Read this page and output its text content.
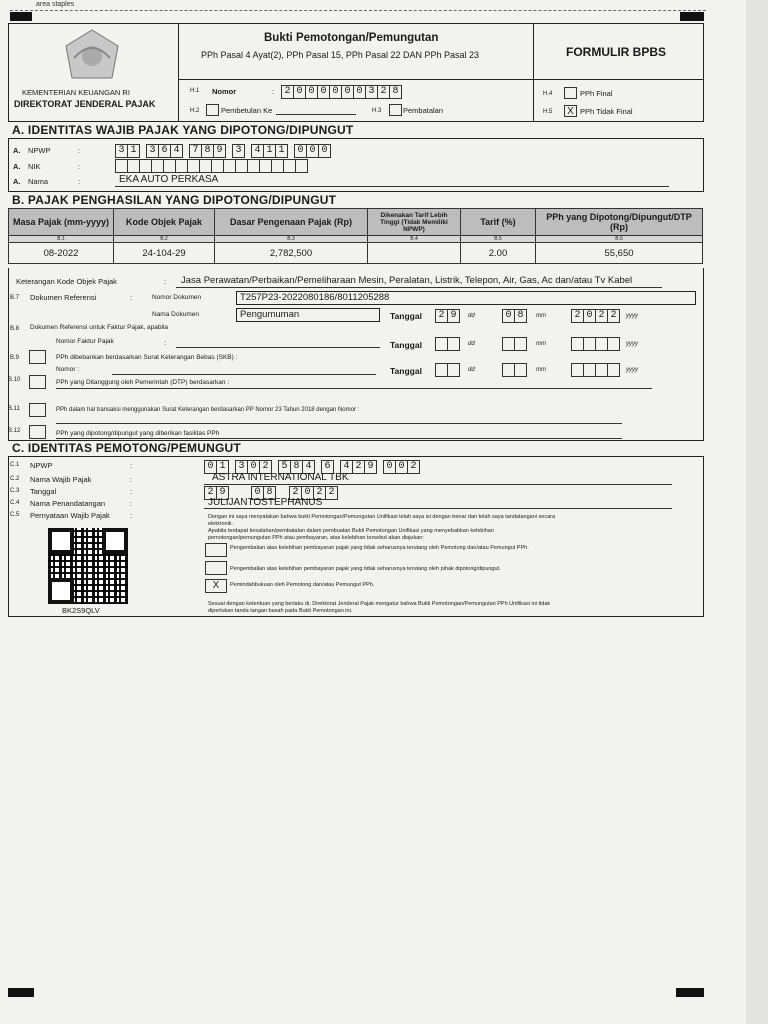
area staples
KEMENTERIAN KEUANGAN RI
DIREKTORAT JENDERAL PAJAK
Bukti Pemotongan/Pemungutan
PPh Pasal 4 Ayat(2), PPh Pasal 15, PPh Pasal 22 DAN PPh Pasal 23	FORMULIR BPBS
H.1 Nomor	:	2 0 0 0 0 0 0 3 2 8
H.2	Pembetulan Ke	H.3	Pembatalan
H.4	PPh Final
H.5	X PPh Tidak Final
A. IDENTITAS WAJIB PAJAK YANG DIPOTONG/DIPUNGUT
A. NPWP	:	3 1	3 6 4	7 8 9	3	4 1 1	0 0 0
A. NIK	:
A. Nama	:	EKA AUTO PERKASA
B. PAJAK PENGHASILAN YANG DIPOTONG/DIPUNGUT
Masa Pajak (mm-yyyy)	Kode Objek Pajak	Dasar Pengenaan Pajak (Rp)	Dikenakan Tarif Lebih Tinggi (Tidak Memiliki NPWP)	Tarif (%)	PPh yang Dipotong/Dipungut/DTP (Rp)
B.1	B.2	B.3	B.4	B.5	B.6
08-2022	24-104-29	2,782,500		2.00	55,650
Keterangan Kode Objek Pajak	: Jasa Perawatan/Perbaikan/Pemeliharaan Mesin, Peralatan, Listrik, Telepon, Air, Gas, Ac dan/atau Tv Kabel
B.7 Dokumen Referensi	:	Nomor Dokumen	T257P23-2022080186/8011205288
Nama Dokumen	Pengumuman	Tanggal	2 9	dd	0 8	mm	2 0 2 2	yyyy
B.8 Dokumen Referensi untuk Faktur Pajak, apabila
Nomor Faktur Pajak	:	Tanggal	dd	mm	yyyy
B.9	PPh dibebankan berdasarkan Surat Keterangan Bebas (SKB) :
Nomor :	Tanggal	dd	mm	yyyy
B.10	PPh yang Ditanggung oleh Pemerintah (DTP) berdasarkan :
B.11	PPh dalam hal transaksi menggunakan Surat Keterangan berdasarkan PP Nomor 23 Tahun 2018 dengan Nomor :
B.12	PPh yang dipotong/dipungut yang diberikan fasilitas PPh
C. IDENTITAS PEMOTONG/PEMUNGUT
C.1 NPWP	:	0 1	3 0 2	5 8 4	6	4 2 9	0 0 2
C.2 Nama Wajib Pajak	:	ASTRA INTERNATIONAL TBK
C.3 Tanggal	:	2 9	0 8	2 0 2 2
C.4 Nama Penandatangan	:	JULIJANTOSTEPHANUS
C.5 Pernyataan Wajib Pajak	:
BK2S9QLV
Dengan ini saya menyatakan bahwa bukti Pemotongan/Pemungutan Unifikasi telah saya isi dengan benar dan telah saya tandatangani secara elektronik.
Apabila terdapat kesalahan/pembatalan dalam pembuatan Bukti Pemotongan Unifikasi yang menyebabkan kelebihan pemotongan/pemungutan PPh atau pembayaran, atas kelebihan tersebut akan diajukan:
Pengembalian atas kelebihan pembayaran pajak yang tidak seharusnya terutang oleh Pemotong dan/atau Pemungut PPh.
Pengembalian atas kelebihan pembayaran pajak yang tidak seharusnya terutang oleh pihak dipotong/dipungut.
X	Pemindahbukuan oleh Pemotong dan/atau Pemungut PPh.
Sesuai dengan ketentuan yang berlaku di, Direktorat Jenderal Pajak mengatur bahwa Bukti Pemotongan/Pemungutan PPh Unifikasi ini tidak diperlukan tanda tangan basah pada Bukti Pemotongan ini.
